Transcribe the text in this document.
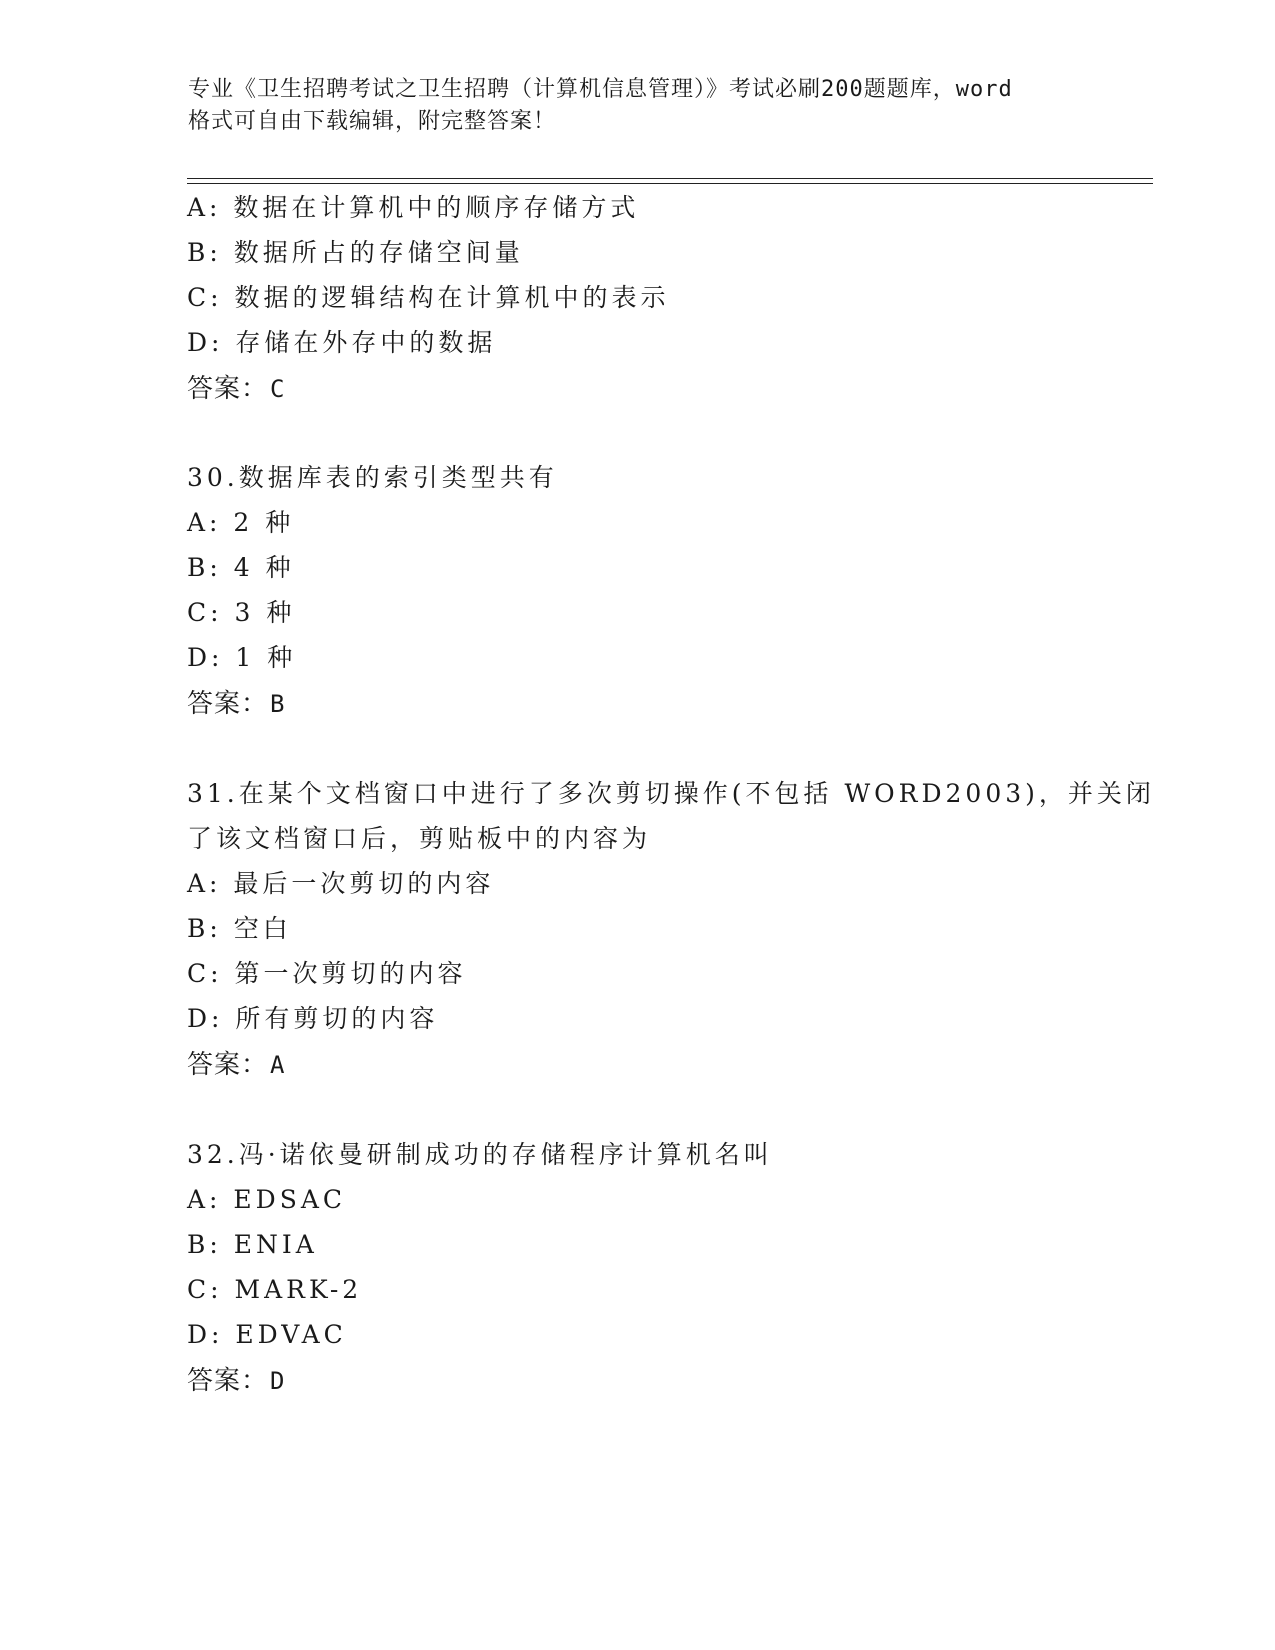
专业《卫生招聘考试之卫生招聘（计算机信息管理）》考试必刷200题题库，word
格式可自由下载编辑，附完整答案！
A: 数据在计算机中的顺序存储方式
B: 数据所占的存储空间量
C: 数据的逻辑结构在计算机中的表示
D: 存储在外存中的数据
答案：C
30.数据库表的索引类型共有
A: 2 种
B: 4 种
C: 3 种
D: 1 种
答案：B
31.在某个文档窗口中进行了多次剪切操作(不包括 WORD2003)，并关闭
了该文档窗口后，剪贴板中的内容为
A: 最后一次剪切的内容
B: 空白
C: 第一次剪切的内容
D: 所有剪切的内容
答案：A
32.冯·诺依曼研制成功的存储程序计算机名叫
A: EDSAC
B: ENIA
C: MARK-2
D: EDVAC
答案：D
